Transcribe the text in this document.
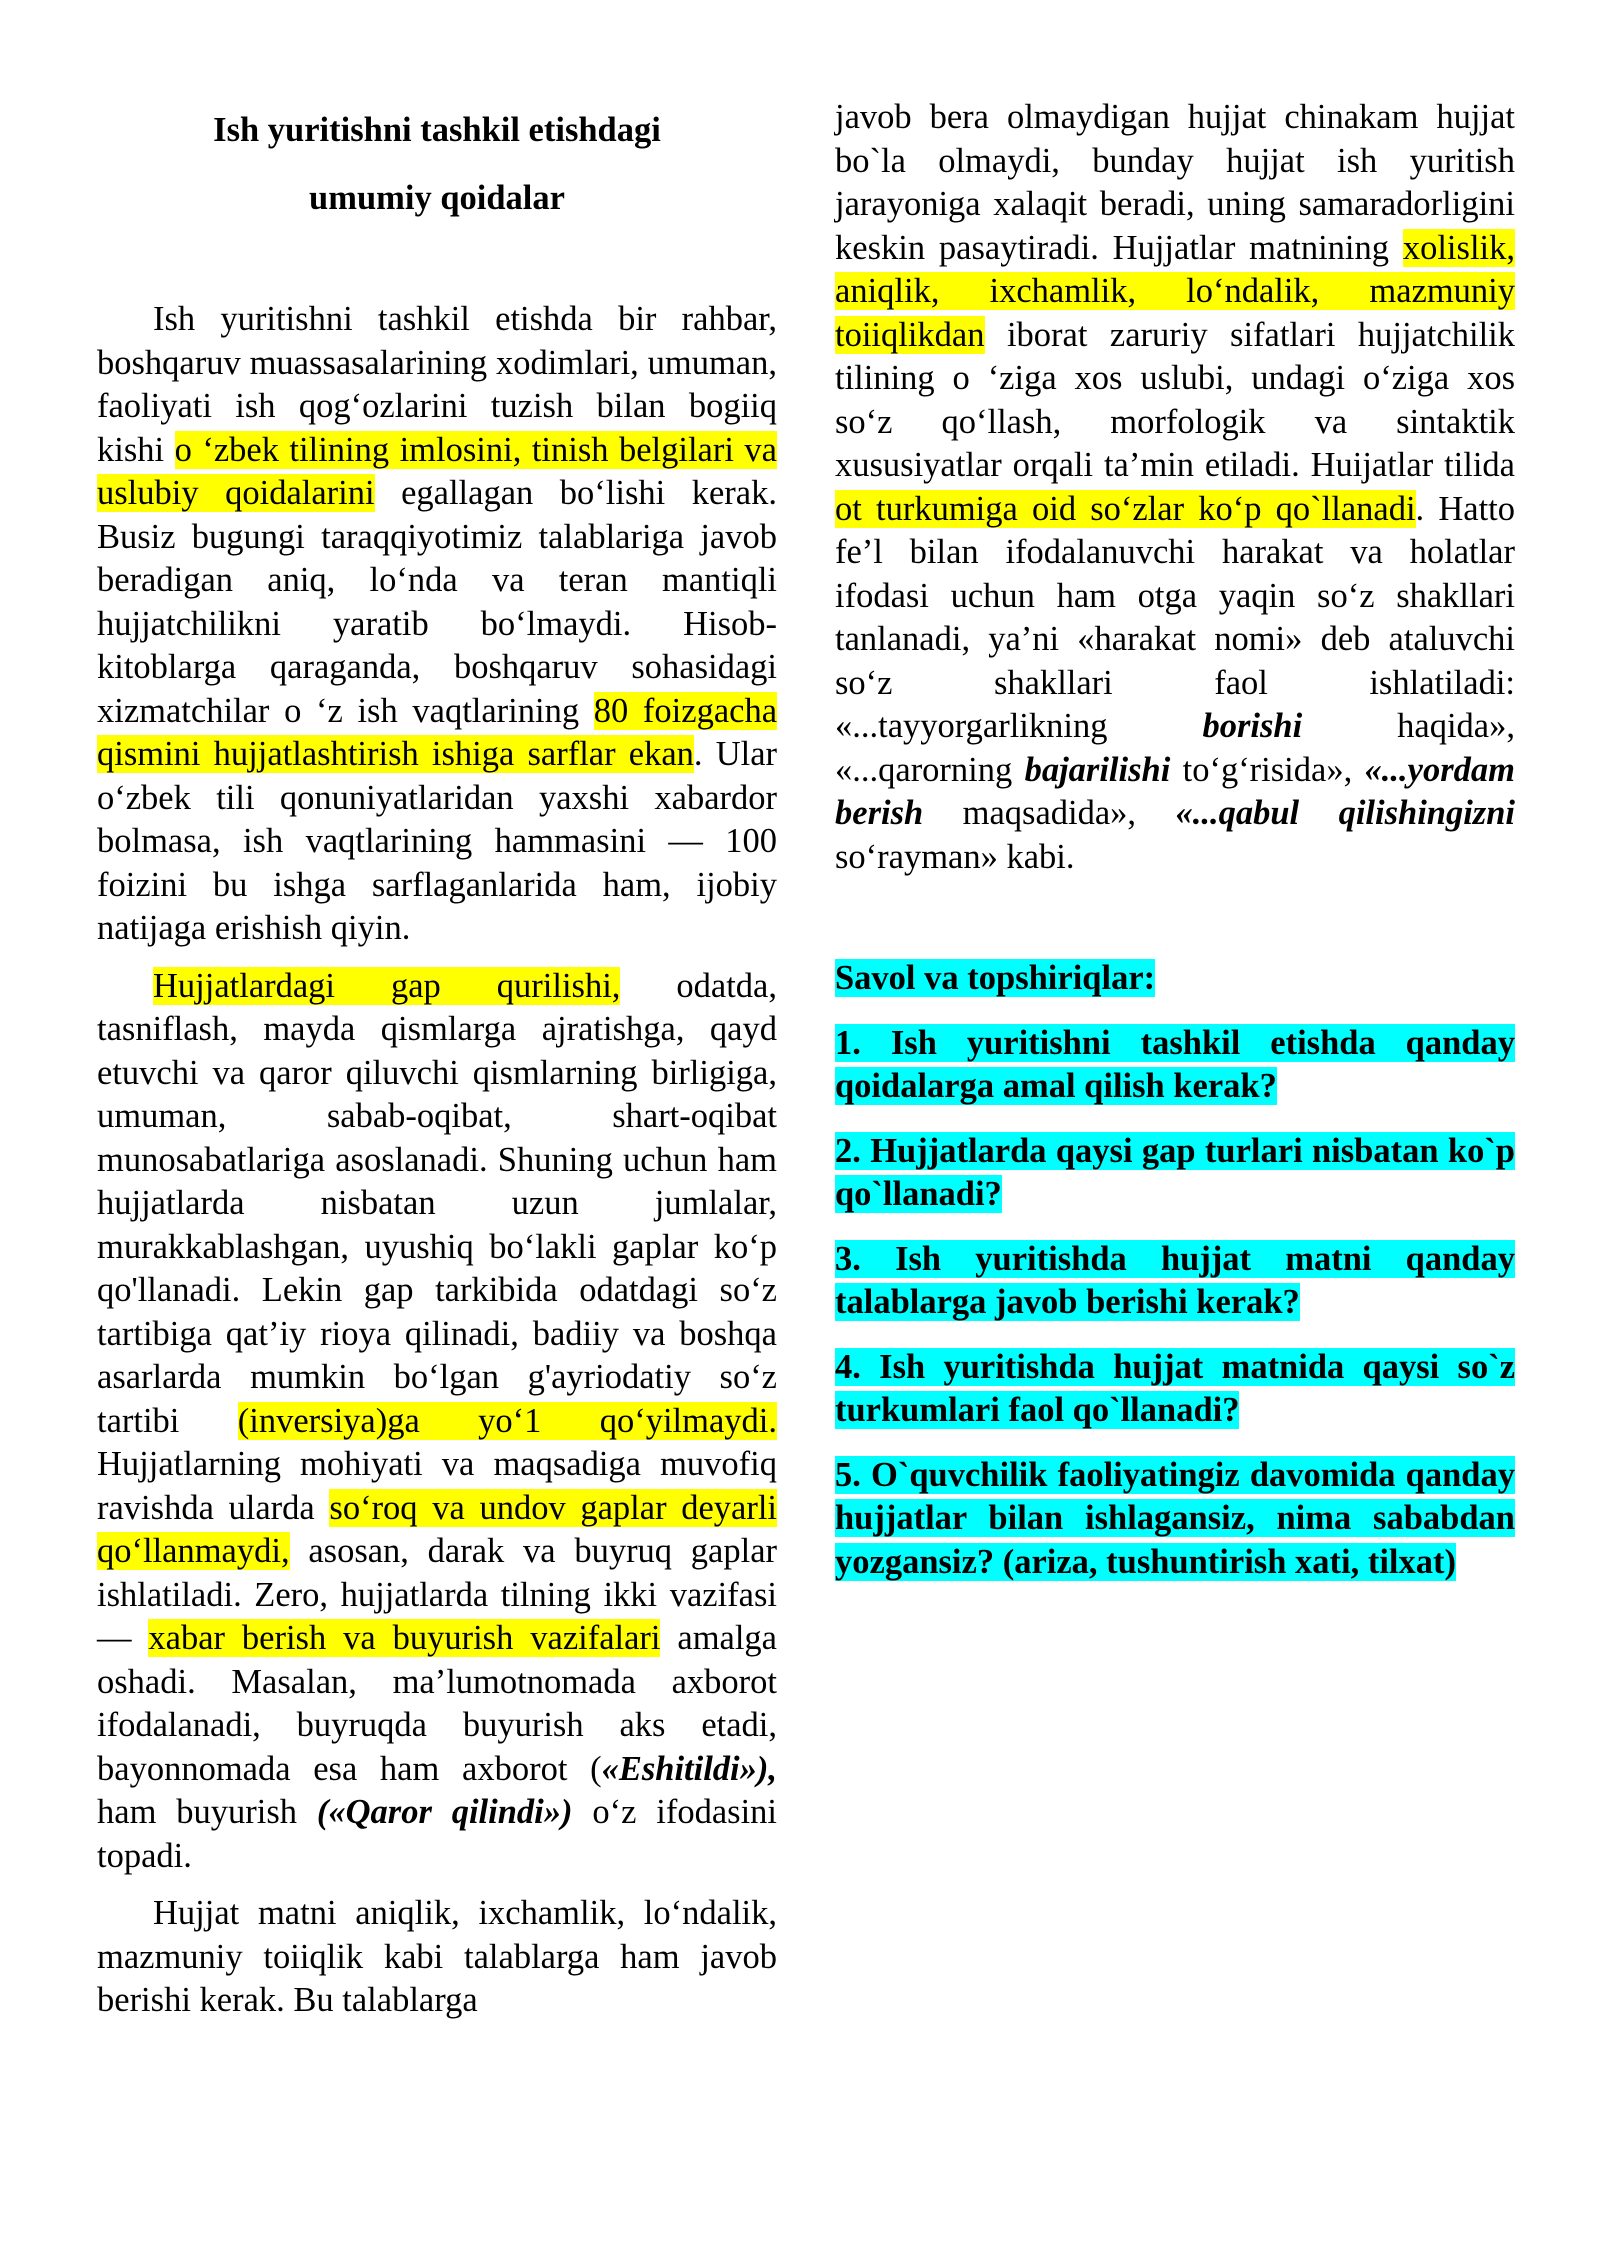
Ish yuritishni tashkil etishdagi
umumiy qoidalar

Ish yuritishni tashkil etishda bir rahbar, boshqaruv muassasalarining xodimlari, umuman, faoliyati ish qog‘ozlarini tuzish bilan bogiiq kishi o ‘zbek tilining imlosini, tinish belgilari va uslubiy qoidalarini egallagan bo‘lishi kerak. Busiz bugungi taraqqiyotimiz talablariga javob beradigan aniq, lo‘nda va teran mantiqli hujjatchilikni yaratib bo‘lmaydi. Hisob-kitoblarga qaraganda, boshqaruv sohasidagi xizmatchilar o ‘z ish vaqtlarining 80 foizgacha qismini hujjatlashtirish ishiga sarflar ekan. Ular o‘zbek tili qonuniyatlaridan yaxshi xabardor bolmasa, ish vaqtlarining hammasini — 100 foizini bu ishga sarflaganlarida ham, ijobiy natijaga erishish qiyin.

Hujjatlardagi gap qurilishi, odatda, tasniflash, mayda qismlarga ajratishga, qayd etuvchi va qaror qiluvchi qismlarning birligiga, umuman, sabab-oqibat, shart-oqibat munosabatlariga asoslanadi. Shuning uchun ham hujjatlarda nisbatan uzun jumlalar, murakkablashgan, uyushiq bo‘lakli gaplar ko‘p qo'llanadi. Lekin gap tarkibida odatdagi so‘z tartibiga qat’iy rioya qilinadi, badiiy va boshqa asarlarda mumkin bo‘lgan g'ayriodatiy so‘z tartibi (inversiya)ga yo‘1 qo‘yilmaydi. Hujjatlarning mohiyati va maqsadiga muvofiq ravishda ularda so‘roq va undov gaplar deyarli qo‘llanmaydi, asosan, darak va buyruq gaplar ishlatiladi. Zero, hujjatlarda tilning ikki vazifasi — xabar berish va buyurish vazifalari amalga oshadi. Masalan, ma’lumotnomada axborot ifodalanadi, buyruqda buyurish aks etadi, bayonnomada esa ham axborot («Eshitildi»), ham buyurish («Qaror qilindi») o‘z ifodasini topadi.

Hujjat matni aniqlik, ixchamlik, lo‘ndalik, mazmuniy toiiqlik kabi talablarga ham javob berishi kerak. Bu talablarga

javob bera olmaydigan hujjat chinakam hujjat bo`la olmaydi, bunday hujjat ish yuritish jarayoniga xalaqit beradi, uning samaradorligini keskin pasaytiradi. Hujjatlar matnining xolislik, aniqlik, ixchamlik, lo‘ndalik, mazmuniy toiiqlikdan iborat zaruriy sifatlari hujjatchilik tilining o ‘ziga xos uslubi, undagi o‘ziga xos so‘z qo‘llash, morfologik va sintaktik xususiyatlar orqali ta’min etiladi. Huijatlar tilida ot turkumiga oid so‘zlar ko‘p qo`llanadi. Hatto fe’l bilan ifodalanuvchi harakat va holatlar ifodasi uchun ham otga yaqin so‘z shakllari tanlanadi, ya’ni «harakat nomi» deb ataluvchi so‘z shakllari faol ishlatiladi: «...tayyorgarlikning borishi haqida», «...qarorning bajarilishi to‘g‘risida», «...yordam berish maqsadida», «...qabul qilishingizni so‘rayman» kabi.

Savol va topshiriqlar:

1. Ish yuritishni tashkil etishda qanday qoidalarga amal qilish kerak?

2. Hujjatlarda qaysi gap turlari nisbatan ko`p qo`llanadi?

3. Ish yuritishda hujjat matni qanday talablarga javob berishi kerak?

4. Ish yuritishda hujjat matnida qaysi so`z turkumlari faol qo`llanadi?

5. O`quvchilik faoliyatingiz davomida qanday hujjatlar bilan ishlagansiz, nima sababdan yozgansiz? (ariza, tushuntirish xati, tilxat)
